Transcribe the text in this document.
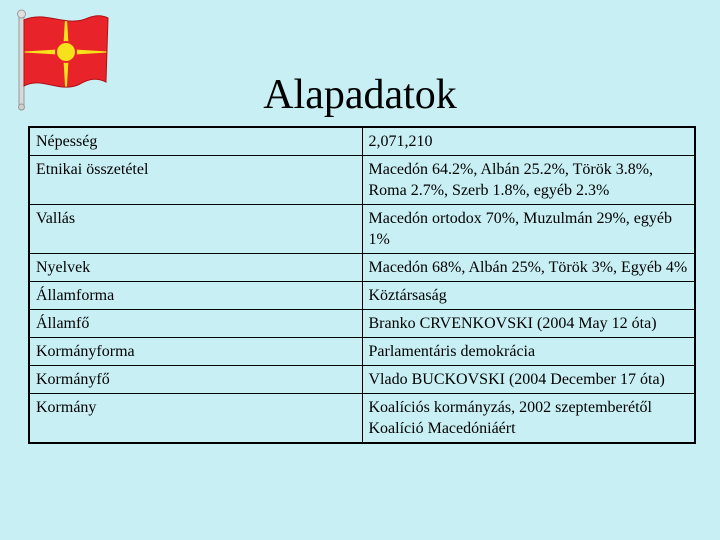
Alapadatok
Népesség	2,071,210
Etnikai összetétel	Macedón 64.2%, Albán 25.2%, Török 3.8%, Roma 2.7%, Szerb 1.8%, egyéb 2.3%
Vallás	Macedón ortodox 70%, Muzulmán 29%, egyéb 1%
Nyelvek	Macedón 68%, Albán 25%, Török 3%, Egyéb 4%
Államforma	Köztársaság
Államfő	Branko CRVENKOVSKI (2004 May 12 óta)
Kormányforma	Parlamentáris demokrácia
Kormányfő	Vlado BUCKOVSKI (2004 December 17 óta)
Kormány	Koalíciós kormányzás, 2002 szeptemberétől Koalíció Macedóniáért
